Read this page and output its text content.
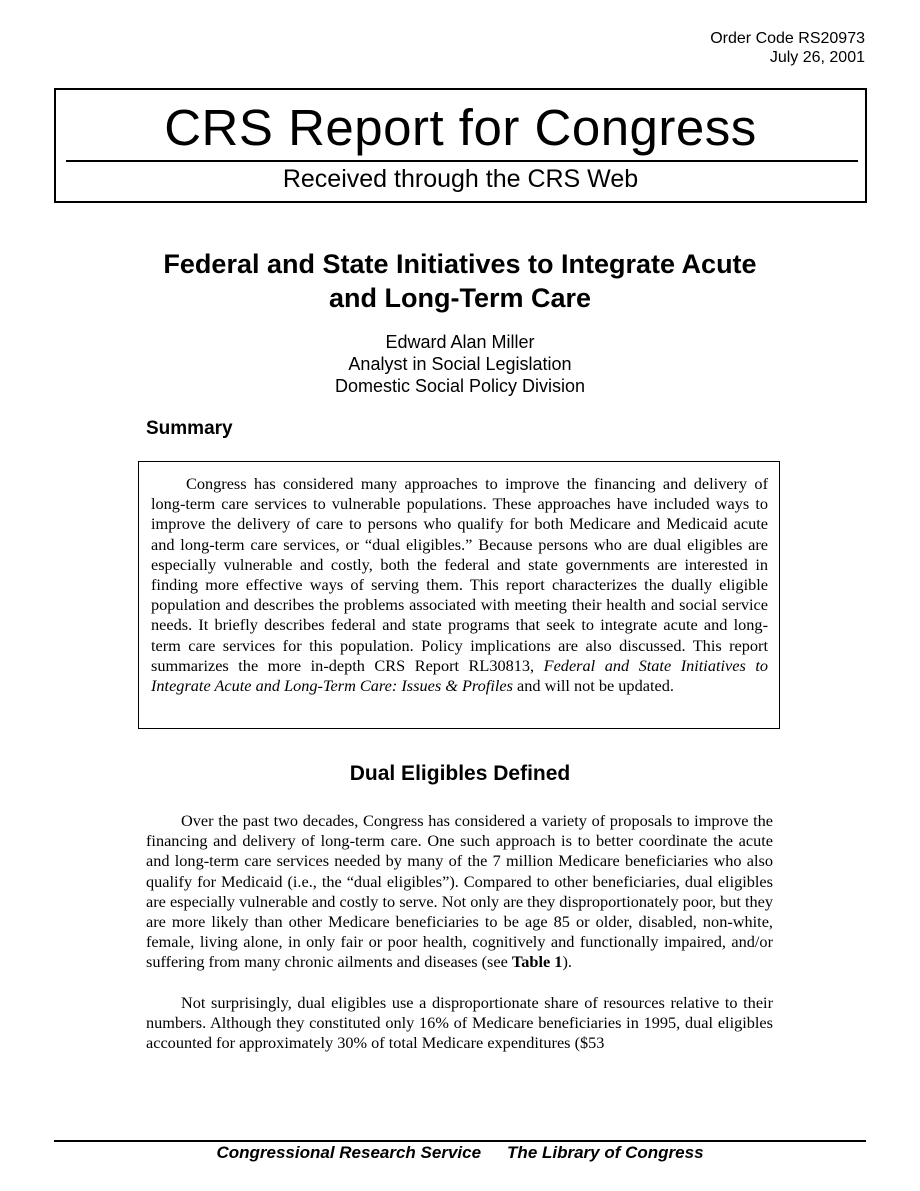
Order Code RS20973
July 26, 2001
CRS Report for Congress
Received through the CRS Web
Federal and State Initiatives to Integrate Acute
and Long-Term Care
Edward Alan Miller
Analyst in Social Legislation
Domestic Social Policy Division
Summary

Congress has considered many approaches to improve the financing and delivery of long-term care services to vulnerable populations. These approaches have included ways to improve the delivery of care to persons who qualify for both Medicare and Medicaid acute and long-term care services, or “dual eligibles.” Because persons who are dual eligibles are especially vulnerable and costly, both the federal and state governments are interested in finding more effective ways of serving them. This report characterizes the dually eligible population and describes the problems associated with meeting their health and social service needs. It briefly describes federal and state programs that seek to integrate acute and long-term care services for this population. Policy implications are also discussed. This report summarizes the more in-depth CRS Report RL30813, Federal and State Initiatives to Integrate Acute and Long-Term Care: Issues & Profiles and will not be updated.

Dual Eligibles Defined

Over the past two decades, Congress has considered a variety of proposals to improve the financing and delivery of long-term care. One such approach is to better coordinate the acute and long-term care services needed by many of the 7 million Medicare beneficiaries who also qualify for Medicaid (i.e., the “dual eligibles”). Compared to other beneficiaries, dual eligibles are especially vulnerable and costly to serve. Not only are they disproportionately poor, but they are more likely than other Medicare beneficiaries to be age 85 or older, disabled, non-white, female, living alone, in only fair or poor health, cognitively and functionally impaired, and/or suffering from many chronic ailments and diseases (see Table 1).

Not surprisingly, dual eligibles use a disproportionate share of resources relative to their numbers. Although they constituted only 16% of Medicare beneficiaries in 1995, dual eligibles accounted for approximately 30% of total Medicare expenditures ($53

Congressional Research Service The Library of Congress
